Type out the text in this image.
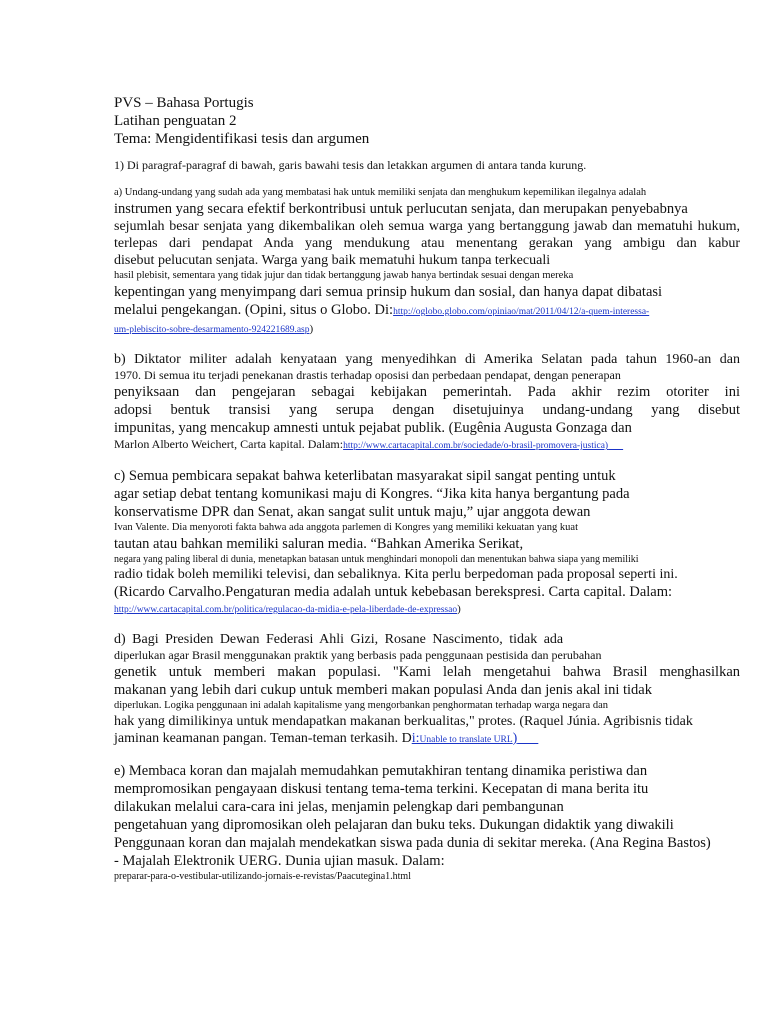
PVS – Bahasa Portugis
Latihan penguatan 2
Tema: Mengidentifikasi tesis dan argumen
1) Di paragraf-paragraf di bawah, garis bawahi tesis dan letakkan argumen di antara tanda kurung.
a) Undang-undang yang sudah ada yang membatasi hak untuk memiliki senjata dan menghukum kepemilikan ilegalnya adalah
instrumen yang secara efektif berkontribusi untuk perlucutan senjata, dan merupakan penyebabnya
sejumlah besar senjata yang dikembalikan oleh semua warga yang bertanggung jawab dan mematuhi hukum,
terlepas dari pendapat Anda yang mendukung atau menentang gerakan yang ambigu dan kabur
disebut pelucutan senjata. Warga yang baik mematuhi hukum tanpa terkecuali
hasil plebisit, sementara yang tidak jujur dan tidak bertanggung jawab hanya bertindak sesuai dengan mereka
kepentingan yang menyimpang dari semua prinsip hukum dan sosial, dan hanya dapat dibatasi
melalui pengekangan. (Opini, situs o Globo. Di:http://oglobo.globo.com/opiniao/mat/2011/04/12/a-quem-interessa-
um-plebiscito-sobre-desarmamento-924221689.asp)
b) Diktator militer adalah kenyataan yang menyedihkan di Amerika Selatan pada tahun 1960-an dan
1970. Di semua itu terjadi penekanan drastis terhadap oposisi dan perbedaan pendapat, dengan penerapan
penyiksaan dan pengejaran sebagai kebijakan pemerintah. Pada akhir rezim otoriter ini
adopsi bentuk transisi yang serupa dengan disetujuinya undang-undang yang disebut
impunitas, yang mencakup amnesti untuk pejabat publik. (Eugênia Augusta Gonzaga dan
Marlon Alberto Weichert, Carta kapital. Dalam:http://www.cartacapital.com.br/sociedade/o-brasil-promovera-justica)
c) Semua pembicara sepakat bahwa keterlibatan masyarakat sipil sangat penting untuk
agar setiap debat tentang komunikasi maju di Kongres. “Jika kita hanya bergantung pada
konservatisme DPR dan Senat, akan sangat sulit untuk maju,” ujar anggota dewan
Ivan Valente. Dia menyoroti fakta bahwa ada anggota parlemen di Kongres yang memiliki kekuatan yang kuat
tautan atau bahkan memiliki saluran media. “Bahkan Amerika Serikat,
negara yang paling liberal di dunia, menetapkan batasan untuk menghindari monopoli dan menentukan bahwa siapa yang memiliki
radio tidak boleh memiliki televisi, dan sebaliknya. Kita perlu berpedoman pada proposal seperti ini.
(Ricardo Carvalho.Pengaturan media adalah untuk kebebasan berekspresi. Carta capital. Dalam:
http://www.cartacapital.com.br/politica/regulacao-da-midia-e-pela-liberdade-de-expressao)
d) Bagi Presiden Dewan Federasi Ahli Gizi, Rosane Nascimento, tidak ada
diperlukan agar Brasil menggunakan praktik yang berbasis pada penggunaan pestisida dan perubahan
genetik untuk memberi makan populasi. "Kami lelah mengetahui bahwa Brasil menghasilkan
makanan yang lebih dari cukup untuk memberi makan populasi Anda dan jenis akal ini tidak
diperlukan. Logika penggunaan ini adalah kapitalisme yang mengorbankan penghormatan terhadap warga negara dan
hak yang dimilikinya untuk mendapatkan makanan berkualitas," protes. (Raquel Júnia. Agribisnis tidak
jaminan keamanan pangan. Teman-teman terkasih. Di:Unable to translate URL)
e) Membaca koran dan majalah memudahkan pemutakhiran tentang dinamika peristiwa dan
mempromosikan pengayaan diskusi tentang tema-tema terkini. Kecepatan di mana berita itu
dilakukan melalui cara-cara ini jelas, menjamin pelengkap dari pembangunan
pengetahuan yang dipromosikan oleh pelajaran dan buku teks. Dukungan didaktik yang diwakili
Penggunaan koran dan majalah mendekatkan siswa pada dunia di sekitar mereka. (Ana Regina Bastos)
- Majalah Elektronik UERG. Dunia ujian masuk. Dalam:
preparar-para-o-vestibular-utilizando-jornais-e-revistas/Paacutegina1.html
